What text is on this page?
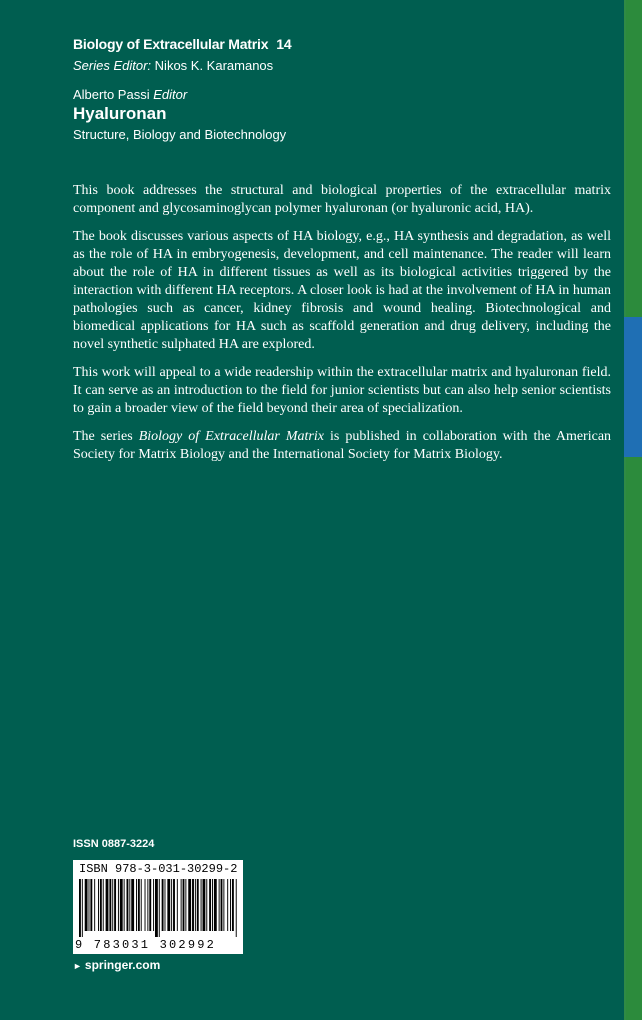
Biology of Extracellular Matrix 14
Series Editor: Nikos K. Karamanos
Alberto Passi Editor
Hyaluronan
Structure, Biology and Biotechnology

This book addresses the structural and biological properties of the extracellular matrix component and glycosaminoglycan polymer hyaluronan (or hyaluronic acid, HA).

The book discusses various aspects of HA biology, e.g., HA synthesis and degradation, as well as the role of HA in embryogenesis, development, and cell maintenance. The reader will learn about the role of HA in different tissues as well as its biological activities triggered by the interaction with different HA receptors. A closer look is had at the involvement of HA in human pathologies such as cancer, kidney fibrosis and wound healing. Biotechnological and biomedical applications for HA such as scaffold generation and drug delivery, including the novel synthetic sulphated HA are explored.

This work will appeal to a wide readership within the extracellular matrix and hyaluronan field. It can serve as an introduction to the field for junior scientists but can also help senior scientists to gain a broader view of the field beyond their area of specialization.

The series Biology of Extracellular Matrix is published in collaboration with the American Society for Matrix Biology and the International Society for Matrix Biology.

ISSN 0887-3224
ISBN 978-3-031-30299-2
9 783031 302992
► springer.com
